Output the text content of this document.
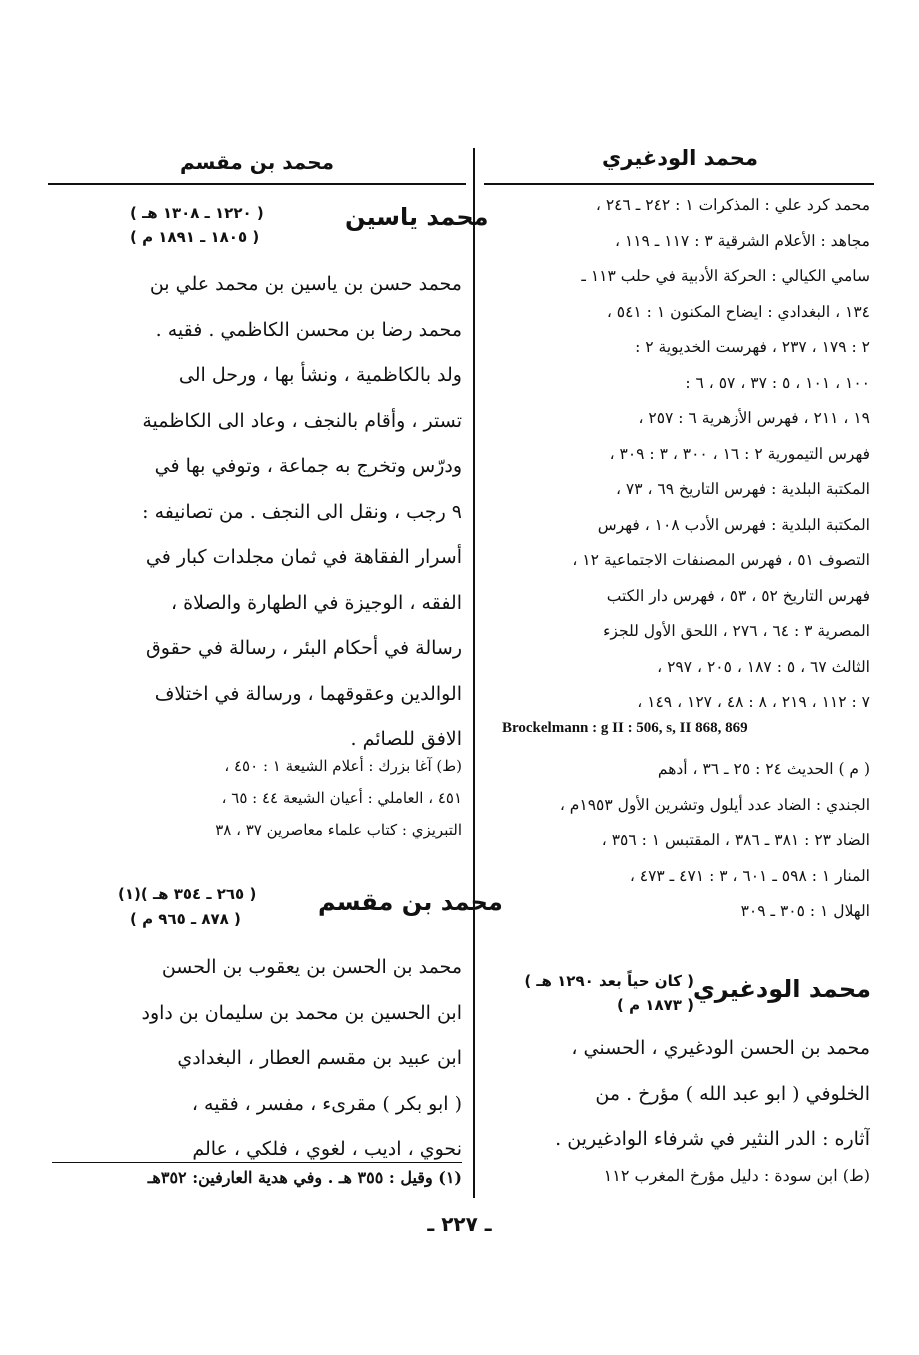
محمد الودغيري
محمد بن مقسم
محمد كرد علي : المذكرات ١ : ٢٤٢ ـ ٢٤٦ ،
مجاهد : الأعلام الشرقية ٣ : ١١٧ ـ ١١٩ ،
سامي الكيالي : الحركة الأدبية في حلب ١١٣ ـ
١٣٤ ، البغدادي : ايضاح المكنون ١ : ٥٤١ ،
٢ : ١٧٩ ، ٢٣٧ ، فهرست الخديوية ٢ :
١٠٠ ، ١٠١ ، ٥ : ٣٧ ، ٥٧ ، ٦ :
١٩ ، ٢١١ ، فهرس الأزهرية ٦ : ٢٥٧ ،
فهرس التيمورية ٢ : ١٦ ، ٣٠٠ ، ٣ : ٣٠٩ ،
المكتبة البلدية : فهرس التاريخ ٦٩ ، ٧٣ ،
المكتبة البلدية : فهرس الأدب ١٠٨ ، فهرس
التصوف ٥١ ، فهرس المصنفات الاجتماعية ١٢ ،
فهرس التاريخ ٥٢ ، ٥٣ ، فهرس دار الكتب
المصرية ٣ : ٦٤ ، ٢٧٦ ، اللحق الأول للجزء
الثالث ٦٧ ، ٥ : ١٨٧ ، ٢٠٥ ، ٢٩٧ ،
٧ : ١١٢ ، ٢١٩ ، ٨ : ٤٨ ، ١٢٧ ، ١٤٩ ،
Brockelmann : g II : 506, s, II 868, 869
( م ) الحديث ٢٤ : ٢٥ ـ ٣٦ ، أدهم
الجندي : الضاد عدد أيلول وتشرين الأول ١٩٥٣م ،
الضاد ٢٣ : ٣٨١ ـ ٣٨٦ ، المقتبس ١ : ٣٥٦ ،
المنار ١ : ٥٩٨ ـ ٦٠١ ، ٣ : ٤٧١ ـ ٤٧٣ ،
الهلال ١ : ٣٠٥ ـ ٣٠٩
محمد الودغيري
( كان حياً بعد ١٢٩٠ هـ )
( ١٨٧٣ م )
محمد بن الحسن الودغيري ، الحسني ،
الخلوفي ( ابو عبد الله ) مؤرخ . من
آثاره : الدر النثير في شرفاء الوادغيرين .
(ط) ابن سودة : دليل مؤرخ المغرب ١١٢
محمد ياسين
( ١٢٢٠ ـ ١٣٠٨ هـ )
( ١٨٠٥ ـ ١٨٩١ م )
محمد حسن بن ياسين بن محمد علي بن
محمد رضا بن محسن الكاظمي . فقيه .
ولد بالكاظمية ، ونشأ بها ، ورحل الى
تستر ، وأقام بالنجف ، وعاد الى الكاظمية
ودرّس وتخرج به جماعة ، وتوفي بها في
٩ رجب ، ونقل الى النجف . من تصانيفه :
أسرار الفقاهة في ثمان مجلدات كبار في
الفقه ، الوجيزة في الطهارة والصلاة ،
رسالة في أحكام البئر ، رسالة في حقوق
الوالدين وعقوقهما ، ورسالة في اختلاف
الافق للصائم .
(ط) آغا بزرك : أعلام الشيعة ١ : ٤٥٠ ،
٤٥١ ، العاملي : أعيان الشيعة ٤٤ : ٦٥ ،
التبريزي : كتاب علماء معاصرين ٣٧ ، ٣٨
محمد بن مقسم
( ٢٦٥ ـ ٣٥٤ هـ )(١)
( ٨٧٨ ـ ٩٦٥ م )
محمد بن الحسن بن يعقوب بن الحسن
ابن الحسين بن محمد بن سليمان بن داود
ابن عبيد بن مقسم العطار ، البغدادي
( ابو بكر ) مقرىء ، مفسر ، فقيه ،
نحوي ، اديب ، لغوي ، فلكي ، عالم
(١) وقيل : ٣٥٥ هـ . وفي هدية العارفين: ٣٥٢هـ
ـ ٢٢٧ ـ
